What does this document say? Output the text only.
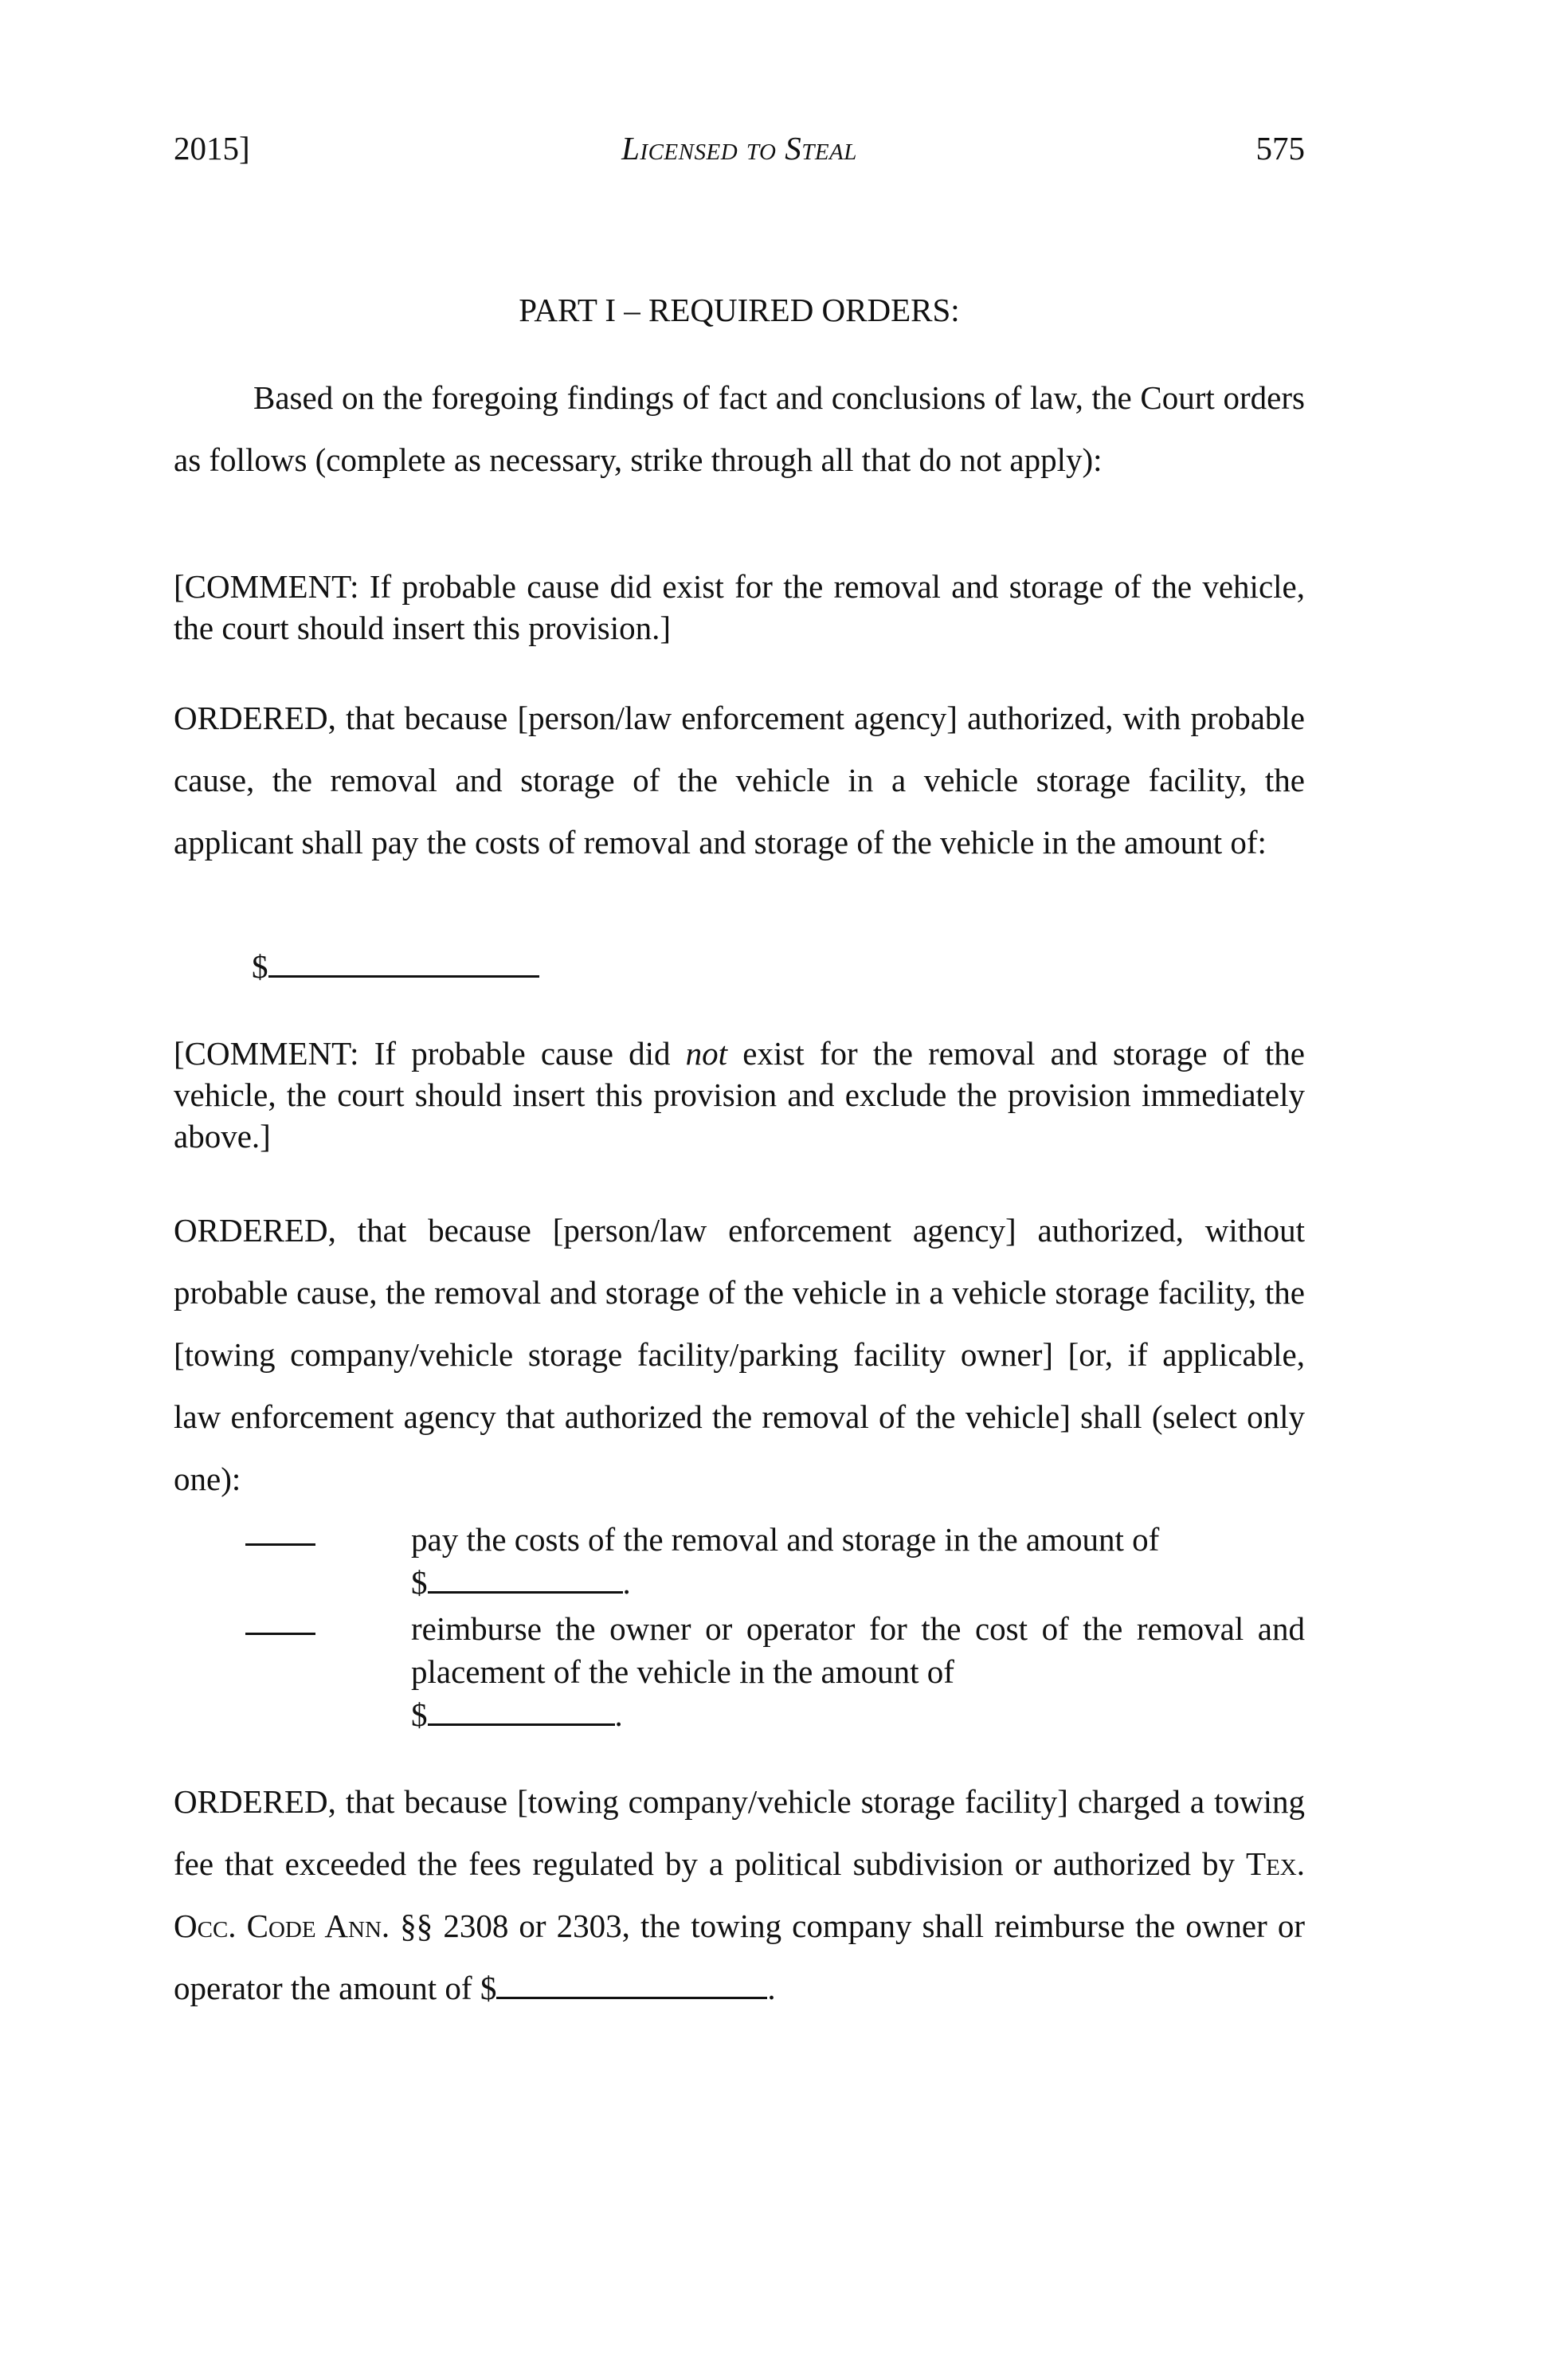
2015]	Licensed to Steal	575
PART I – REQUIRED ORDERS:

Based on the foregoing findings of fact and conclusions of law, the Court orders as follows (complete as necessary, strike through all that do not apply):

[COMMENT: If probable cause did exist for the removal and storage of the vehicle, the court should insert this provision.]

ORDERED, that because [person/law enforcement agency] authorized, with probable cause, the removal and storage of the vehicle in a vehicle storage facility, the applicant shall pay the costs of removal and storage of the vehicle in the amount of:

$

[COMMENT: If probable cause did not exist for the removal and storage of the vehicle, the court should insert this provision and exclude the provision immediately above.]

ORDERED, that because [person/law enforcement agency] authorized, without probable cause, the removal and storage of the vehicle in a vehicle storage facility, the [towing company/vehicle storage facility/parking facility owner] [or, if applicable, law enforcement agency that authorized the removal of the vehicle] shall (select only one):

pay the costs of the removal and storage in the amount of
$	.
reimburse the owner or operator for the cost of the removal and placement of the vehicle in the amount of
$	.

ORDERED, that because [towing company/vehicle storage facility] charged a towing fee that exceeded the fees regulated by a political subdivision or authorized by Tex. Occ. Code Ann. §§ 2308 or 2303, the towing company shall reimburse the owner or operator the amount of $	.
